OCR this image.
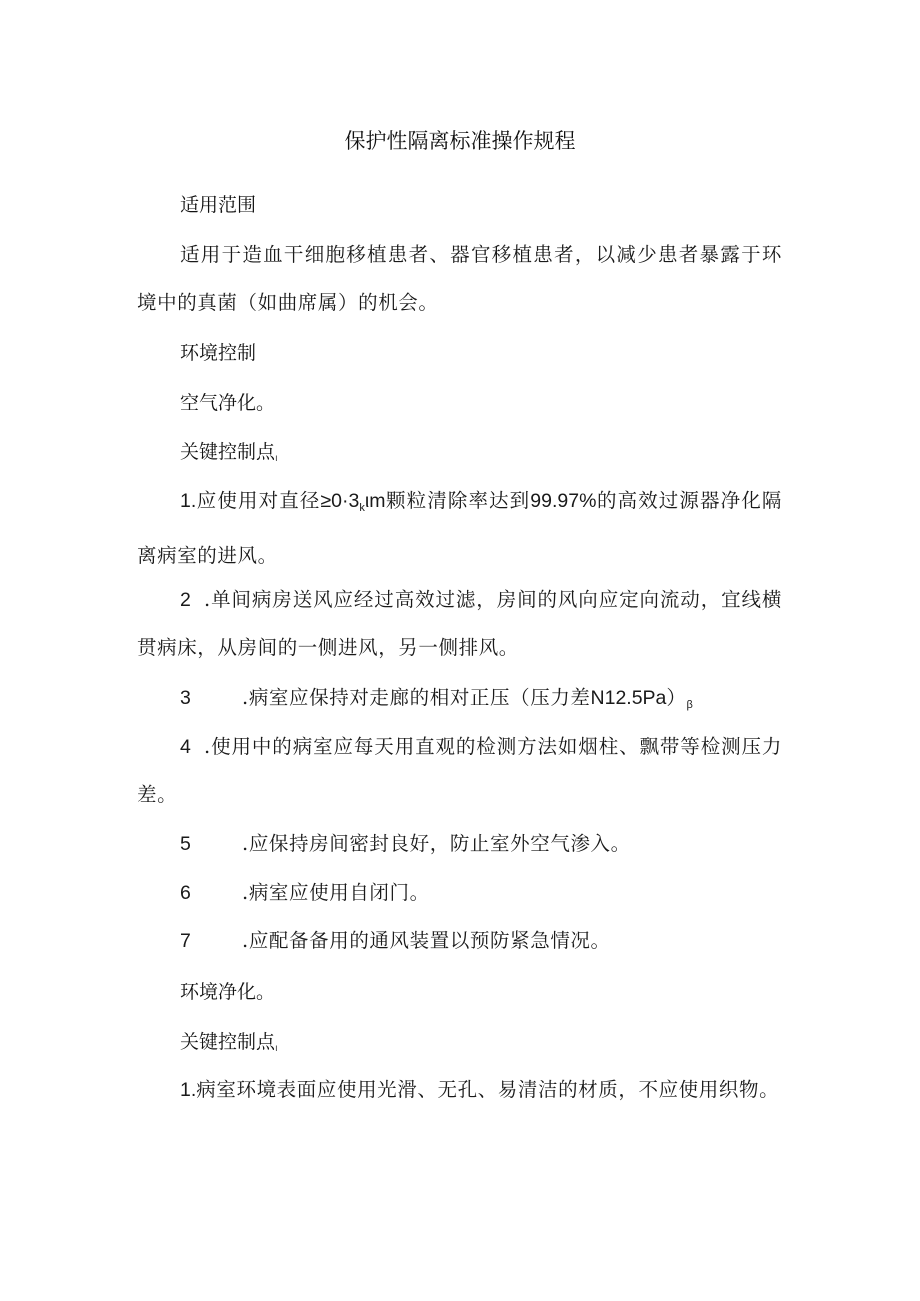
保护性隔离标准操作规程
适用范围
适用于造血干细胞移植患者、器官移植患者，以减少患者暴露于环境中的真菌（如曲席属）的机会。
环境控制
空气净化。
关键控制点ı
1.应使用对直径$\ge 0\cdot 3_k\iota m$颗粒清除率达到99.97%的高效过源器净化隔离病室的进风。
2 .单间病房送风应经过高效过滤，房间的风向应定向流动，宜线横贯病床，从房间的一侧进风，另一侧排风。
3	.病室应保持对走廊的相对正压（压力差$N12.5Pa)_\beta$
4 .使用中的病室应每天用直观的检测方法如烟柱、飘带等检测压力差。
5	.应保持房间密封良好，防止室外空气渗入。
6	.病室应使用自闭门。
7	.应配备备用的通风装置以预防紧急情况。
环境净化。
关键控制点ı
1.病室环境表面应使用光滑、无孔、易清洁的材质，不应使用织物。
